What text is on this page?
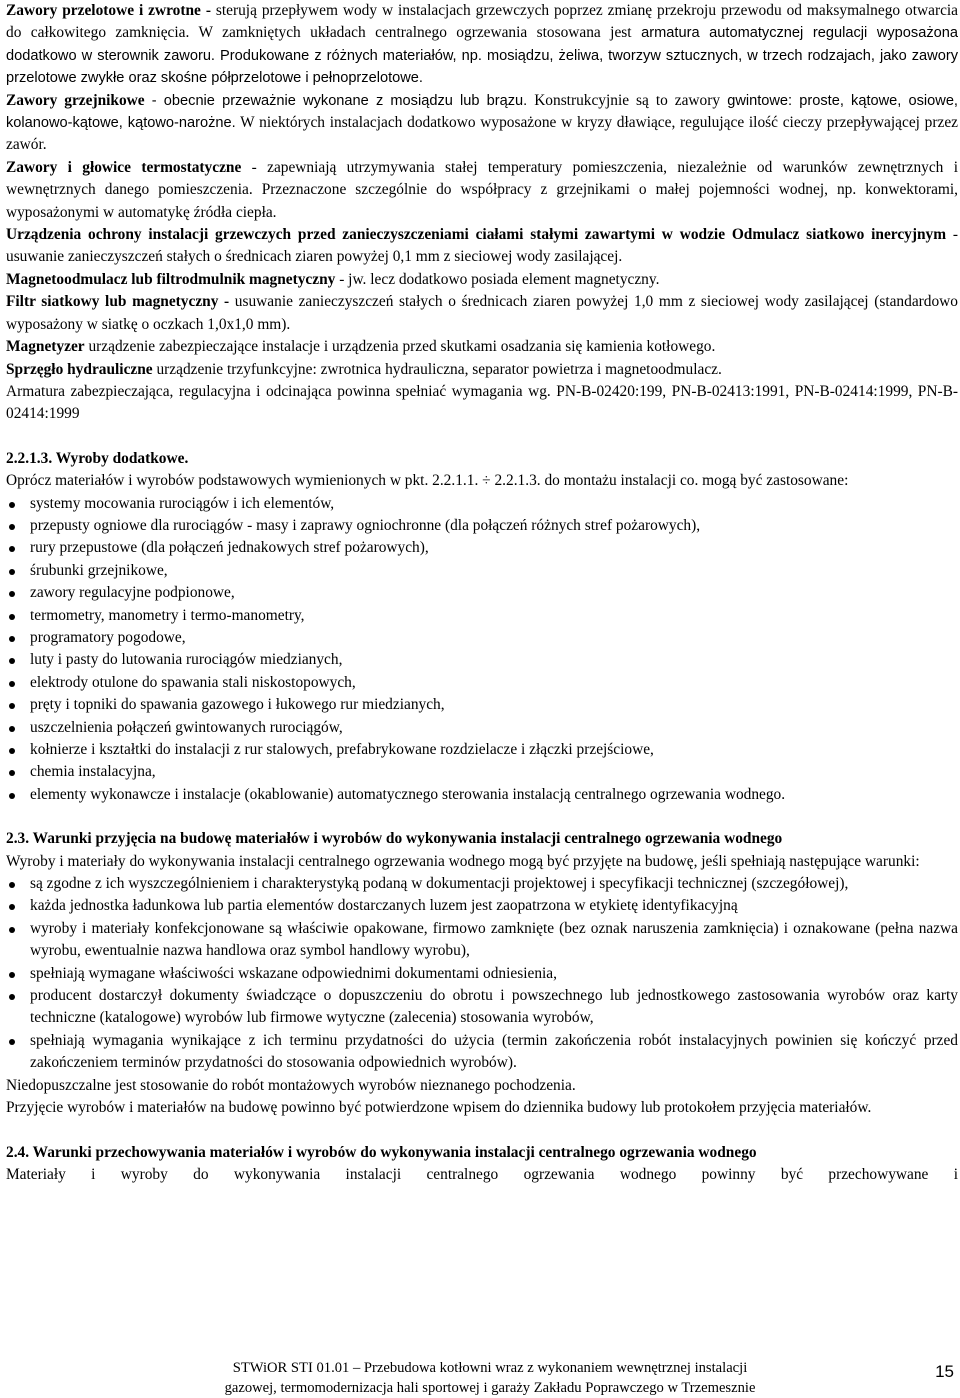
Zawory przelotowe i zwrotne - sterują przepływem wody w instalacjach grzewczych poprzez zmianę przekroju przewodu od maksymalnego otwarcia do całkowitego zamknięcia. W zamkniętych układach centralnego ogrzewania stosowana jest armatura automatycznej regulacji wyposażona dodatkowo w sterownik zaworu. Produkowane z różnych materiałów, np. mosiądzu, żeliwa, tworzyw sztucznych, w trzech rodzajach, jako zawory przelotowe zwykłe oraz skośne półprzelotowe i pełnoprzelotowe.

Zawory grzejnikowe - obecnie przeważnie wykonane z mosiądzu lub brązu. Konstrukcyjnie są to zawory gwintowe: proste, kątowe, osiowe, kolanowo-kątowe, kątowo-narożne. W niektórych instalacjach dodatkowo wyposażone w kryzy dławiące, regulujące ilość cieczy przepływającej przez zawór.

Zawory i głowice termostatyczne - zapewniają utrzymywania stałej temperatury pomieszczenia, niezależnie od warunków zewnętrznych i wewnętrznych danego pomieszczenia. Przeznaczone szczególnie do współpracy z grzejnikami o małej pojemności wodnej, np. konwektorami, wyposażonymi w automatykę źródła ciepła.

Urządzenia ochrony instalacji grzewczych przed zanieczyszczeniami ciałami stałymi zawartymi w wodzie Odmulacz siatkowo inercyjnym - usuwanie zanieczyszczeń stałych o średnicach ziaren powyżej 0,1 mm z sieciowej wody zasilającej.

Magnetoodmulacz lub filtrodmulnik magnetyczny - jw. lecz dodatkowo posiada element magnetyczny.

Filtr siatkowy lub magnetyczny - usuwanie zanieczyszczeń stałych o średnicach ziaren powyżej 1,0 mm z sieciowej wody zasilającej (standardowo wyposażony w siatkę o oczkach 1,0x1,0 mm).

Magnetyzer urządzenie zabezpieczające instalacje i urządzenia przed skutkami osadzania się kamienia kotłowego.

Sprzęgło hydrauliczne urządzenie trzyfunkcyjne: zwrotnica hydrauliczna, separator powietrza i magnetoodmulacz.

Armatura zabezpieczająca, regulacyjna i odcinająca powinna spełniać wymagania wg. PN-B-02420:199, PN-B-02413:1991, PN-B-02414:1999, PN-B-02414:1999

2.2.1.3. Wyroby dodatkowe.

Oprócz materiałów i wyrobów podstawowych wymienionych w pkt. 2.2.1.1. ÷ 2.2.1.3. do montażu instalacji co. mogą być zastosowane:

systemy mocowania rurociągów i ich elementów,
przepusty ogniowe dla rurociągów - masy i zaprawy ogniochronne (dla połączeń różnych stref pożarowych),
rury przepustowe (dla połączeń jednakowych stref pożarowych),
śrubunki grzejnikowe,
zawory regulacyjne podpionowe,
termometry, manometry i termo-manometry,
programatory pogodowe,
luty i pasty do lutowania rurociągów miedzianych,
elektrody otulone do spawania stali niskostopowych,
pręty i topniki do spawania gazowego i łukowego rur miedzianych,
uszczelnienia połączeń gwintowanych rurociągów,
kołnierze i kształtki do instalacji z rur stalowych, prefabrykowane rozdzielacze i złączki przejściowe,
chemia instalacyjna,
elementy wykonawcze i instalacje (okablowanie) automatycznego sterowania instalacją centralnego ogrzewania wodnego.

2.3. Warunki przyjęcia na budowę materiałów i wyrobów do wykonywania instalacji centralnego ogrzewania wodnego

Wyroby i materiały do wykonywania instalacji centralnego ogrzewania wodnego mogą być przyjęte na budowę, jeśli spełniają następujące warunki:

są zgodne z ich wyszczególnieniem i charakterystyką podaną w dokumentacji projektowej i specyfikacji technicznej (szczegółowej),
każda jednostka ładunkowa lub partia elementów dostarczanych luzem jest zaopatrzona w etykietę identyfikacyjną
wyroby i materiały konfekcjonowane są właściwie opakowane, firmowo zamknięte (bez oznak naruszenia zamknięcia) i oznakowane (pełna nazwa wyrobu, ewentualnie nazwa handlowa oraz symbol handlowy wyrobu),
spełniają wymagane właściwości wskazane odpowiednimi dokumentami odniesienia,
producent dostarczył dokumenty świadczące o dopuszczeniu do obrotu i powszechnego lub jednostkowego zastosowania wyrobów oraz karty techniczne (katalogowe) wyrobów lub firmowe wytyczne (zalecenia) stosowania wyrobów,
spełniają wymagania wynikające z ich terminu przydatności do użycia (termin zakończenia robót instalacyjnych powinien się kończyć przed zakończeniem terminów przydatności do stosowania odpowiednich wyrobów).

Niedopuszczalne jest stosowanie do robót montażowych wyrobów nieznanego pochodzenia.

Przyjęcie wyrobów i materiałów na budowę powinno być potwierdzone wpisem do dziennika budowy lub protokołem przyjęcia materiałów.

2.4. Warunki przechowywania materiałów i wyrobów do wykonywania instalacji centralnego ogrzewania wodnego

Materiały i wyroby do wykonywania instalacji centralnego ogrzewania wodnego powinny być przechowywane i

STWiOR STI 01.01 – Przebudowa kotłowni wraz z wykonaniem wewnętrznej instalacji
gazowej, termomodernizacja hali sportowej i garaży Zakładu Poprawczego w Trzemesznie
15
